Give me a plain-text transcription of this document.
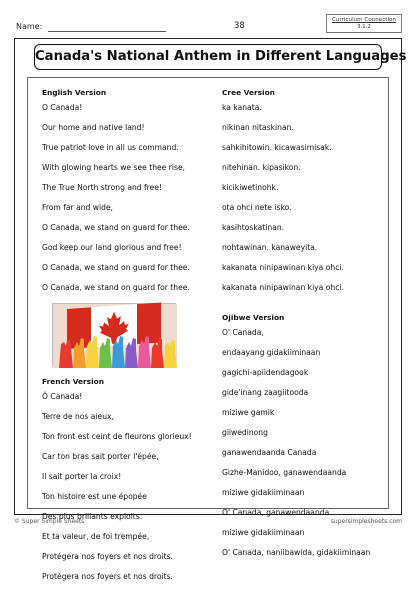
Name:	38
Curriculum Connection
3.1.2
Canada's National Anthem in Different Languages
English Version
O Canada!
Our home and native land!
True patriot love in all us command.
With glowing hearts we see thee rise,
The True North strong and free!
From far and wide,
O Canada, we stand on guard for thee.
God keep our land glorious and free!
O Canada, we stand on guard for thee.
O Canada, we stand on guard for thee.
French Version
Ô Canada!
Terre de nos aieux,
Ton front est ceint de fleurons glorieux!
Car ton bras sait porter l'épée,
Il sait porter la croix!
Ton histoire est une épopée
Des plus brillants exploits.
Et ta valeur, de foi trempée,
Protégera nos foyers et nos droits.
Protégera nos foyers et nos droits.
Cree Version
ka kanata.
nikinan nitaskinan.
sahkihitowin. kicawasimisak.
nitehinan. kipasikon.
kicikiwetinohk.
ota ohci nete isko.
kasihtoskatinan.
nohtawinan. kanaweyita.
kakanata ninipawinan kiya ohci.
kakanata ninipawinan kiya ohci.
Ojibwe Version
O' Canada,
endaayang gidakiiminaan
gagichi-apiidendagook
gide'inang zaagiitooda
miziwe gamik
giiwedinong
ganawendaanda Canada
Gizhe-Manidoo, ganawendaanda
miziwe gidakiiminaan
O' Canada, ganawendaanda
miziwe gidakiiminaan
O' Canada, naniibawida, gidakiiminaan
© Super Simple Sheets	supersimplesheets.com
